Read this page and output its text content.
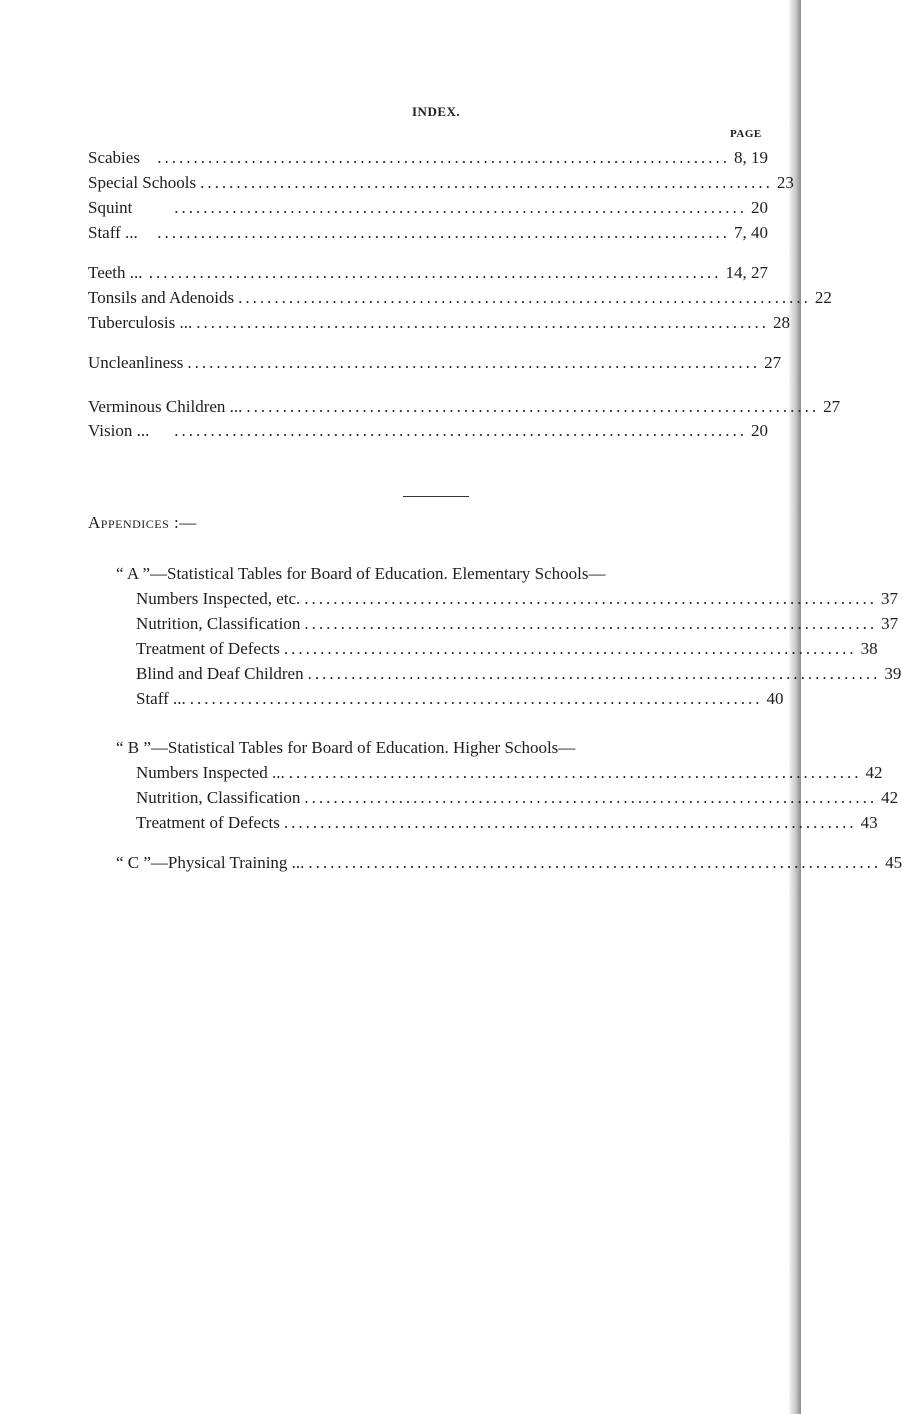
INDEX.
PAGE
Scabies	............................................................................... 8, 19
Special Schools ............................................................................... 23
Squint	............................................................................... 20
Staff ...	............................................................................... 7, 40
Teeth ... ............................................................................... 14, 27
Tonsils and Adenoids ............................................................................... 22
Tuberculosis ... ............................................................................... 28
Uncleanliness ............................................................................... 27
Verminous Children ... ............................................................................... 27
Vision ...	............................................................................... 20
Appendices :—
“ A ”—Statistical Tables for Board of Education. Elementary Schools—
Numbers Inspected, etc. ............................................................................... 37
Nutrition, Classification ............................................................................... 37
Treatment of Defects ............................................................................... 38
Blind and Deaf Children ............................................................................... 39
Staff ... ............................................................................... 40
“ B ”—Statistical Tables for Board of Education. Higher Schools—
Numbers Inspected ... ............................................................................... 42
Nutrition, Classification ............................................................................... 42
Treatment of Defects ............................................................................... 43
“ C ”—Physical Training ... ............................................................................... 45
